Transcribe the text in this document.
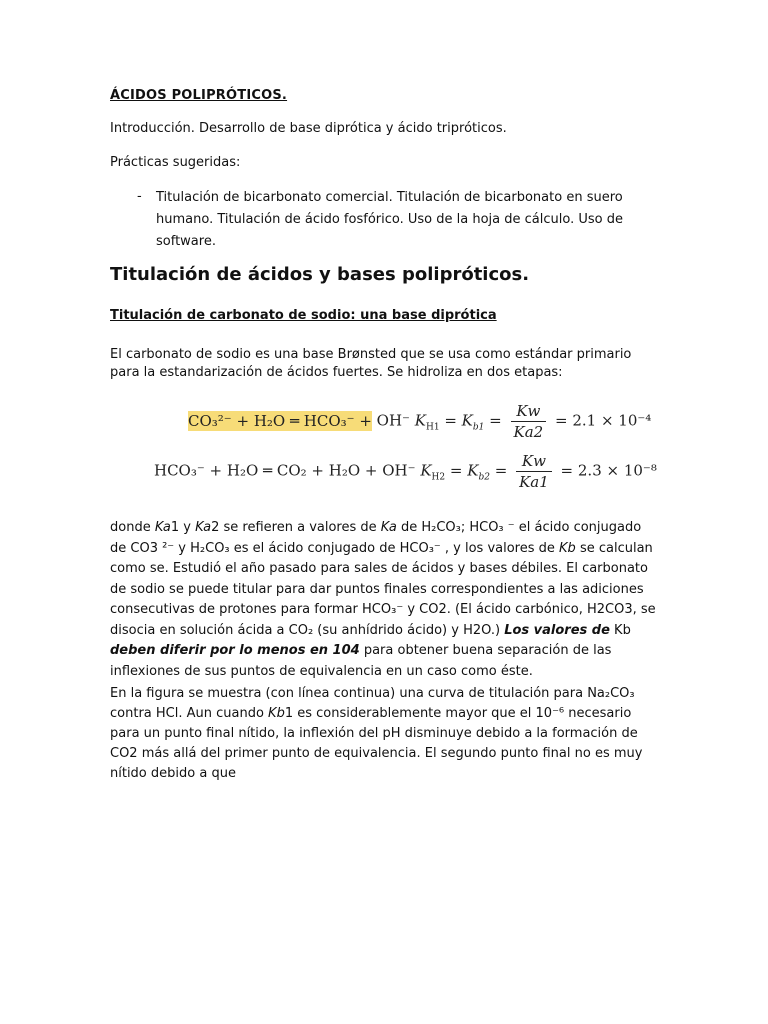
ÁCIDOS POLIPRÓTICOS.
Introducción. Desarrollo de base diprótica y ácido tripróticos.
Prácticas sugeridas:
- Titulación de bicarbonato comercial. Titulación de bicarbonato en suero humano. Titulación de ácido fosfórico. Uso de la hoja de cálculo. Uso de software.
Titulación de ácidos y bases polipróticos.
Titulación de carbonato de sodio: una base diprótica
El carbonato de sodio es una base Brønsted que se usa como estándar primario para la estandarización de ácidos fuertes. Se hidroliza en dos etapas:
CO₃²⁻ + H₂O ═ HCO₃⁻ + OH⁻ $K_{H1} = K_{b1} = \frac{Kw}{Ka2} = 2.1 \times 10^{-4}$
HCO₃⁻ + H₂O ═ CO₂ + H₂O + OH⁻ $K_{H2} = K_{b2} = \frac{Kw}{Ka1} = 2.3 \times 10^{-8}$
donde Ka1 y Ka2 se refieren a valores de Ka de H₂CO₃; HCO₃ ⁻ el ácido conjugado de CO3 ²⁻ y H₂CO₃ es el ácido conjugado de HCO₃⁻ , y los valores de Kb se calculan como se. Estudió el año pasado para sales de ácidos y bases débiles. El carbonato de sodio se puede titular para dar puntos finales correspondientes a las adiciones consecutivas de protones para formar HCO₃⁻ y CO2. (El ácido carbónico, H2CO3, se disocia en solución ácida a CO₂ (su anhídrido ácido) y H2O.) Los valores de Kb deben diferir por lo menos en 104 para obtener buena separación de las inflexiones de sus puntos de equivalencia en un caso como éste.
En la figura se muestra (con línea continua) una curva de titulación para Na₂CO₃ contra HCl. Aun cuando Kb1 es considerablemente mayor que el 10⁻⁶ necesario para un punto final nítido, la inflexión del pH disminuye debido a la formación de CO2 más allá del primer punto de equivalencia. El segundo punto final no es muy nítido debido a que
